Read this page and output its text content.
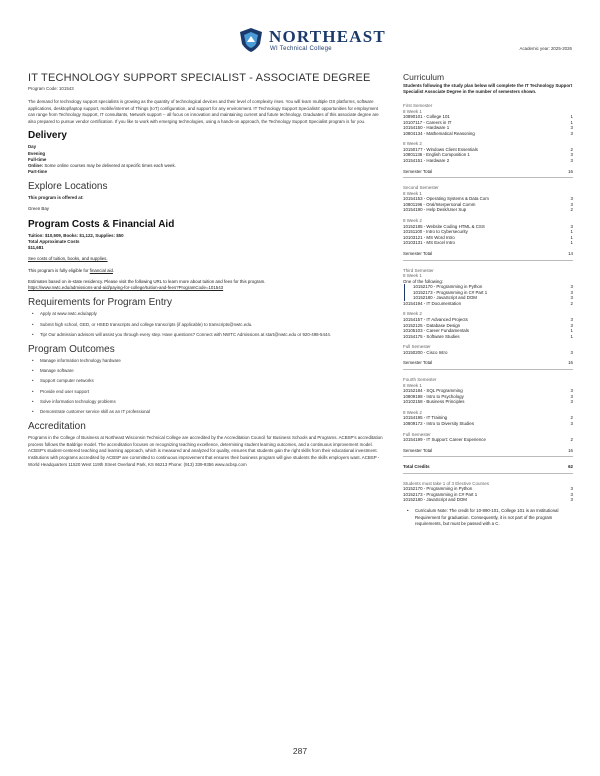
NORTHEAST
WI Technical College	Academic year: 2025-2026
IT TECHNOLOGY SUPPORT SPECIALIST - ASSOCIATE DEGREE
Program Code: 101543

The demand for technology support specialists is growing as the quantity of technological devices and their level of complexity rises. You will learn multiple OS platforms, software applications, desktop/laptop support, mobile/internet of Things (IoT) configuration, and support for any environment. IT Technology Support Specialists' opportunities for employment can range from Technology Support, IT consultants, Network support -- all focus on innovation and maintaining current and future technology. Graduates of this associate degree are also prepared to pursue vendor certification. If you like to work with emerging technologies, using a hands-on approach, the Technology Support Specialist program is for you.

Delivery
Day
Evening
Full-time
Online: Some online courses may be delivered at specific times each week.
Part-time
Explore Locations
This program is offered at:
Green Bay
Program Costs & Financial Aid
Tuition: $10,509, Books: $1,122, Supplies: $50
Total Approximate Costs
$11,681
See costs of tuition, books, and supplies.
This program is fully eligible for financial aid.
Estimates based on in-state residency. Please visit the following URL to learn more about tuition and fees for this program.
https://www.nwtc.edu/admissions-and-aid/paying-for-college/tuition-and-fees?ProgramCode=101543
Requirements for Program Entry
• Apply at www.nwtc.edu/apply
• Submit high school, GED, or HSED transcripts and college transcripts (if applicable) to transcripts@nwtc.edu.
• Tip! Our admission advisors will assist you through every step. Have questions? Connect with NWTC Admissions at start@nwtc.edu or 920-498-5444.
Program Outcomes
• Manage information technology hardware
• Manage software
• Support computer networks
• Provide end user support
• Solve information technology problems
• Demonstrate customer service skill as an IT professional
Accreditation

Programs in the College of Business at Northeast Wisconsin Technical College are accredited by the Accreditation Council for Business Schools and Programs. ACBSP's accreditation process follows the Baldrige model. The accreditation focuses on recognizing teaching excellence, determining student learning outcomes, and a continuous improvement model. ACBSP's student-centered teaching and learning approach, which is measured and analyzed for quality, ensures that students gain the right skills from their educational investment. Institutions with programs accredited by ACBSP are committed to continuous improvement that ensures their business program will give students the skills employers want. ACBSP - World Headquarters 11520 West 119th Street Overland Park, KS 66213 Phone: (913) 339-9356 www.acbsp.com

Curriculum
Students following the study plan below will complete the IT Technology Support Specialist Associate Degree in the number of semesters shown.
First Semester
8 Week 1
10890101 - College 101	1
10107117 - Careers in IT	1
10154150 - Hardware 1	3
10804134 - Mathematical Reasoning	3
8 Week 2
10150177 - Windows Client Essentials	2
10801136 - English Composition 1	3
10154151 - Hardware 2	3
Semester Total	16
Second Semester
8 Week 1
10154153 - Operating Systems & Data Com	3
10801196 - Oral/Interpersonal Comm	3
10154190 - Help Desk/User Sup	2
8 Week 2
10152185 - Website Coding HTML & CSS	3
10151100 - Intro to Cybersecurity	1
10103121 - MS Word Intro	1
10103131 - MS Excel Intro	1
Semester Total	14
Third Semester
8 Week 1
One of the following:
10152170 - Programming in Python	3
10152173 - Programming in C# Part 1	3
10152180 - JavaScript and DOM	3
10154194 - IT Documentation	2
8 Week 2
10154157 - IT Advanced Projects	3
10152125 - Database Design	3
10105103 - Career Fundamentals	1
10154175 - Software Studies	1
Full Semester
10150200 - Cisco Intro	3
Semester Total	16
Fourth Semester
8 Week 1
10152184 - SQL Programming	3
10809198 - Intro to Psychology	3
10102158 - Business Principles	3
8 Week 2
10154195 - IT Training	2
10809172 - Intro to Diversity Studies	3
Full Semester
10154199 - IT Support: Career Experience	2
Semester Total	16
Total Credits	62
Students must take 1 of 3 Elective Courses
10152170 - Programming in Python	3
10152173 - Programming in C# Part 1	3
10152180 - JavaScript and DOM	3
• Curriculum Note: The credit for 10-890-101, College 101 is an Institutional Requirement for graduation. Consequently, it is not part of the program requirements, but must be passed with a C.
287
